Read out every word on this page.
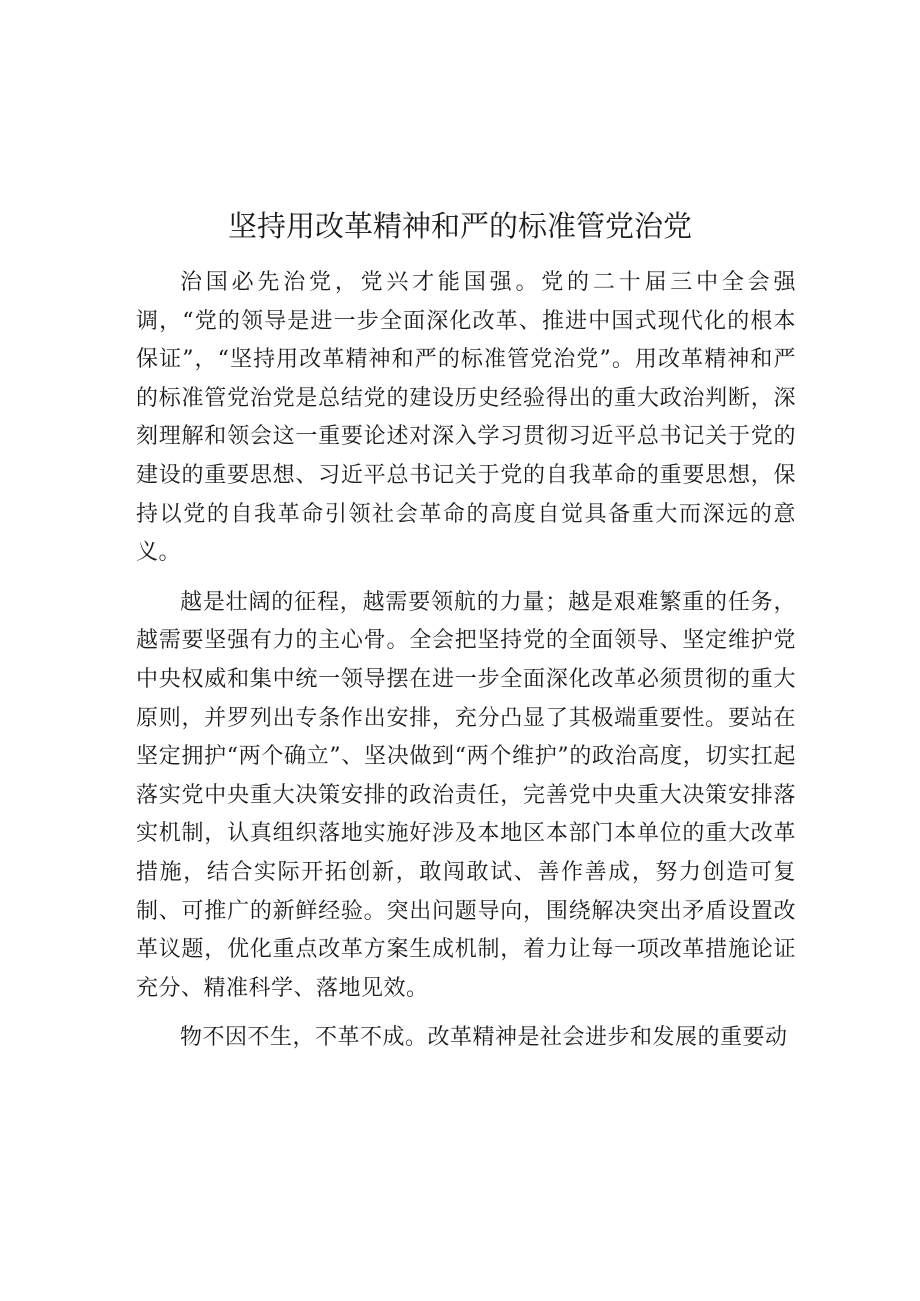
坚持用改革精神和严的标准管党治党

治国必先治党，党兴才能国强。党的二十届三中全会强调，“党的领导是进一步全面深化改革、推进中国式现代化的根本保证”，“坚持用改革精神和严的标准管党治党”。用改革精神和严的标准管党治党是总结党的建设历史经验得出的重大政治判断，深刻理解和领会这一重要论述对深入学习贯彻习近平总书记关于党的建设的重要思想、习近平总书记关于党的自我革命的重要思想，保持以党的自我革命引领社会革命的高度自觉具备重大而深远的意义。

越是壮阔的征程，越需要领航的力量；越是艰难繁重的任务，越需要坚强有力的主心骨。全会把坚持党的全面领导、坚定维护党中央权威和集中统一领导摆在进一步全面深化改革必须贯彻的重大原则，并罗列出专条作出安排，充分凸显了其极端重要性。要站在坚定拥护“两个确立”、坚决做到“两个维护”的政治高度，切实扛起落实党中央重大决策安排的政治责任，完善党中央重大决策安排落实机制，认真组织落地实施好涉及本地区本部门本单位的重大改革措施，结合实际开拓创新，敢闯敢试、善作善成，努力创造可复制、可推广的新鲜经验。突出问题导向，围绕解决突出矛盾设置改革议题，优化重点改革方案生成机制，着力让每一项改革措施论证充分、精准科学、落地见效。

物不因不生，不革不成。改革精神是社会进步和发展的重要动
